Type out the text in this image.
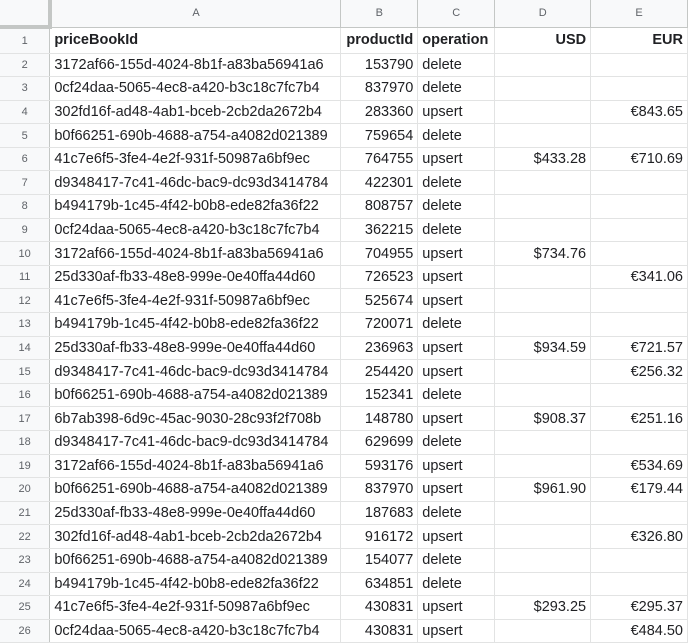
	A	B	C	D	E
1	priceBookId	productId	operation	USD	EUR
2	3172af66-155d-4024-8b1f-a83ba56941a6	153790	delete		
3	0cf24daa-5065-4ec8-a420-b3c18c7fc7b4	837970	delete		
4	302fd16f-ad48-4ab1-bceb-2cb2da2672b4	283360	upsert		€843.65
5	b0f66251-690b-4688-a754-a4082d021389	759654	delete		
6	41c7e6f5-3fe4-4e2f-931f-50987a6bf9ec	764755	upsert	$433.28	€710.69
7	d9348417-7c41-46dc-bac9-dc93d3414784	422301	delete		
8	b494179b-1c45-4f42-b0b8-ede82fa36f22	808757	delete		
9	0cf24daa-5065-4ec8-a420-b3c18c7fc7b4	362215	delete		
10	3172af66-155d-4024-8b1f-a83ba56941a6	704955	upsert	$734.76	
11	25d330af-fb33-48e8-999e-0e40ffa44d60	726523	upsert		€341.06
12	41c7e6f5-3fe4-4e2f-931f-50987a6bf9ec	525674	upsert		
13	b494179b-1c45-4f42-b0b8-ede82fa36f22	720071	delete		
14	25d330af-fb33-48e8-999e-0e40ffa44d60	236963	upsert	$934.59	€721.57
15	d9348417-7c41-46dc-bac9-dc93d3414784	254420	upsert		€256.32
16	b0f66251-690b-4688-a754-a4082d021389	152341	delete		
17	6b7ab398-6d9c-45ac-9030-28c93f2f708b	148780	upsert	$908.37	€251.16
18	d9348417-7c41-46dc-bac9-dc93d3414784	629699	delete		
19	3172af66-155d-4024-8b1f-a83ba56941a6	593176	upsert		€534.69
20	b0f66251-690b-4688-a754-a4082d021389	837970	upsert	$961.90	€179.44
21	25d330af-fb33-48e8-999e-0e40ffa44d60	187683	delete		
22	302fd16f-ad48-4ab1-bceb-2cb2da2672b4	916172	upsert		€326.80
23	b0f66251-690b-4688-a754-a4082d021389	154077	delete		
24	b494179b-1c45-4f42-b0b8-ede82fa36f22	634851	delete		
25	41c7e6f5-3fe4-4e2f-931f-50987a6bf9ec	430831	upsert	$293.25	€295.37
26	0cf24daa-5065-4ec8-a420-b3c18c7fc7b4	430831	upsert		€484.50
